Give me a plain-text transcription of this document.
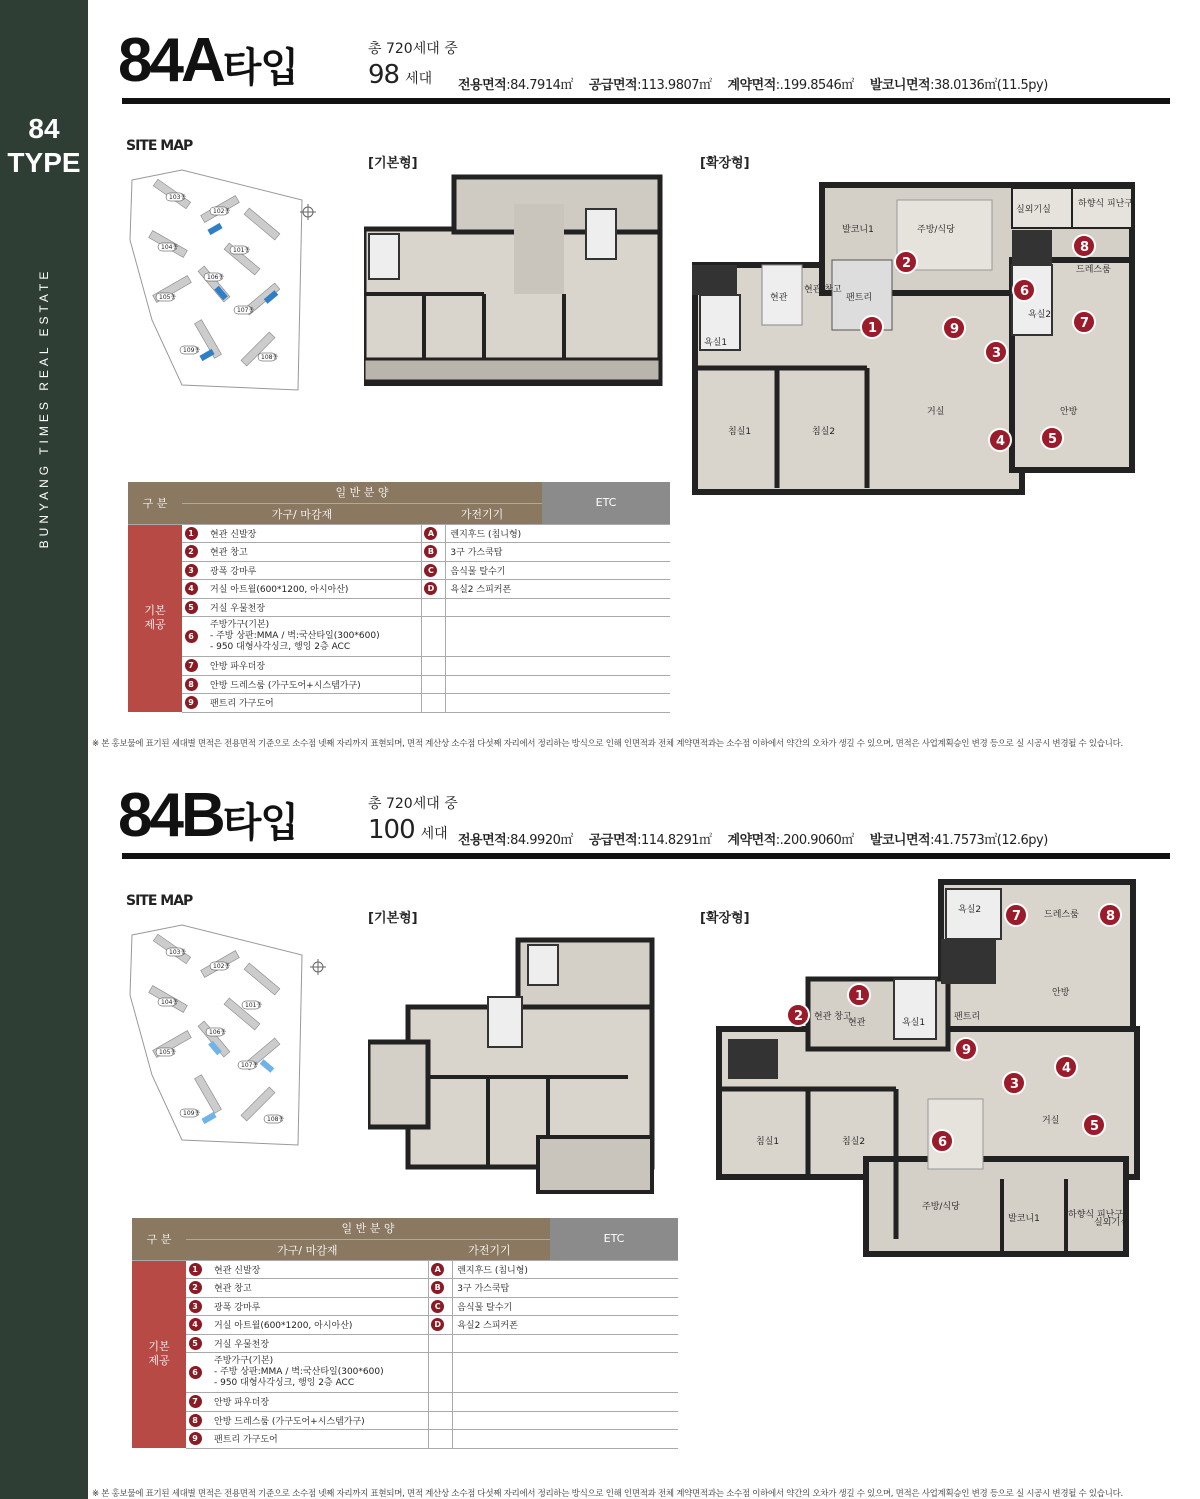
84
TYPE
BUNYANG TIMES REAL ESTATE
84A타입	총 720세대 중
98 세대 전용면적:84.7914㎡ 공급면적:113.9807㎡ 계약면적:.199.8546㎡ 발코니면적:38.0136㎡(11.5py)
SITE MAP
103동
102동
104동	101동
106동
105동
107동
109동
108동
[기본형]	[확장형]
발코니1	주방/식당
실외기실
하향식 피난구
드레스룸
현관
현관 창고
팬트리
욕실1
욕실2
침실1	침실2
거실	안방
1
2
3
4	5
6
7
8
9
구 분	일 반 분 양				ETC
	가구/ 마감재		가전기기		
기본
제공	1	현관 신발장	A	렌지후드 (침니형)	
	2	현관 창고	B	3구 가스쿡탑	
	3	광폭 강마루	C	음식물 탈수기	
	4	거실 아트월(600*1200, 아시아산)	D	욕실2 스피커폰	
	5	거실 우물천장			
	6	주방가구(기본)
- 주방 상판:MMA / 벽:국산타일(300*600)
- 950 대형사각싱크, 행잉 2층 ACC			
	7	안방 파우더장			
	8	안방 드레스룸 (가구도어+시스템가구)			
	9	팬트리 가구도어			
※ 본 홍보물에 표기된 세대별 면적은 전용면적 기준으로 소수점 넷째 자리까지 표현되며, 면적 계산상 소수점 다섯째 자리에서 정리하는 방식으로 인해 인면적과 전체 계약면적과는 소수점 이하에서 약간의 오차가 생길 수 있으며, 면적은 사업계획승인 변경 등으로 실 시공시 변경될 수 있습니다.
84B타입	총 720세대 중
100 세대 전용면적:84.9920㎡ 공급면적:114.8291㎡ 계약면적:.200.9060㎡ 발코니면적:41.7573㎡(12.6py)
SITE MAP
103동
102동
104동	101동
106동
105동
107동
109동
108동
[기본형]	[확장형]
욕실2	드레스룸
안방
현관 창고
현관	욕실1
팬트리
거실
침실1	침실2
주방/식당
발코니1	하향식 피난구
실외기실
1
2
3
4
5
6
7	8
9
구 분	일 반 분 양				ETC
	가구/ 마감재		가전기기		
기본
제공	1	현관 신발장	A	렌지후드 (침니형)	
	2	현관 창고	B	3구 가스쿡탑	
	3	광폭 강마루	C	음식물 탈수기	
	4	거실 아트월(600*1200, 아시아산)	D	욕실2 스피커폰	
	5	거실 우물천장			
	6	주방가구(기본)
- 주방 상판:MMA / 벽:국산타일(300*600)
- 950 대형사각싱크, 행잉 2층 ACC			
	7	안방 파우더장			
	8	안방 드레스룸 (가구도어+시스템가구)			
	9	팬트리 가구도어			
※ 본 홍보물에 표기된 세대별 면적은 전용면적 기준으로 소수점 넷째 자리까지 표현되며, 면적 계산상 소수점 다섯째 자리에서 정리하는 방식으로 인해 인면적과 전체 계약면적과는 소수점 이하에서 약간의 오차가 생길 수 있으며, 면적은 사업계획승인 변경 등으로 실 시공시 변경될 수 있습니다.
